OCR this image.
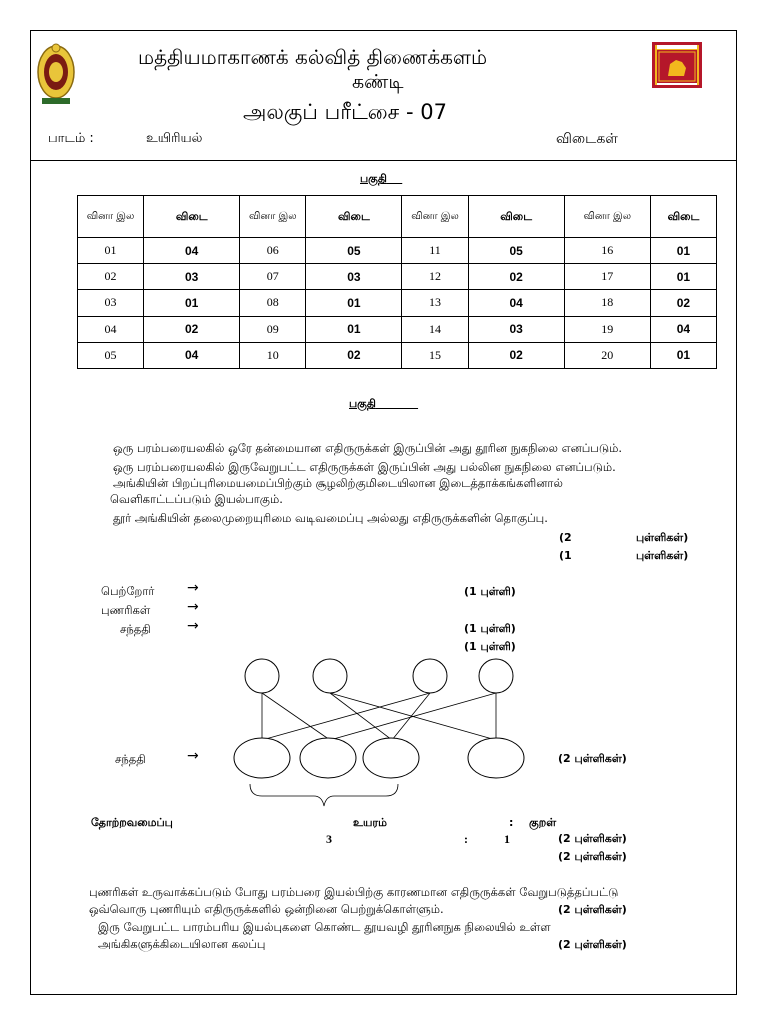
மத்தியமாகாணக் கல்வித் திணைக்களம்
கண்டி
அலகுப் பரீட்சை - 07
பாடம் :	உயிரியல்	விடைகள்
பகுதி
வினா இல	விடை	வினா இல	விடை	வினா இல	விடை	வினா இல	விடை
01	04	06	05	11	05	16	01
02	03	07	03	12	02	17	01
03	01	08	01	13	04	18	02
04	02	09	01	14	03	19	04
05	04	10	02	15	02	20	01
பகுதி
ஒரு பரம்பரையலகில் ஒரே தன்மையான எதிருருக்கள் இருப்பின் அது தூரின நுகநிலை எனப்படும்.
ஒரு பரம்பரையலகில் இருவேறுபட்ட எதிருருக்கள் இருப்பின் அது பல்லின நுகநிலை எனப்படும்.
அங்கியின் பிறப்புரிமையமைப்பிற்கும் சூழலிற்குமிடையிலான இடைத்தாக்கங்களினால்
வெளிகாட்டப்படும் இயல்பாகும்.
தூர் அங்கியின் தலைமுறையுரிமை வடிவமைப்பு அல்லது எதிருருக்களின் தொகுப்பு.
(2	புள்ளிகள்)
(1	புள்ளிகள்)
பெற்றோர் →	(1 புள்ளி)
புணரிகள்	→
சந்ததி	→	(1 புள்ளி)
(1 புள்ளி)
சந்ததி	→	(2 புள்ளிகள்)
தோற்றவமைப்பு	உயரம்	: குறள்
3	:	1	(2 புள்ளிகள்)
(2 புள்ளிகள்)
புணரிகள் உருவாக்கப்படும் போது பரம்பரை இயல்பிற்கு காரணமான எதிருருக்கள் வேறுபடுத்தப்பட்டு
ஒவ்வொரு புணரியும் எதிருருக்களில் ஒன்றினை பெற்றுக்கொள்ளும்.	(2 புள்ளிகள்)
இரு வேறுபட்ட பாரம்பரிய இயல்புகளை கொண்ட தூயவழி தூரினநுக நிலையில் உள்ள
அங்கிகளுக்கிடையிலான கலப்பு	(2 புள்ளிகள்)
